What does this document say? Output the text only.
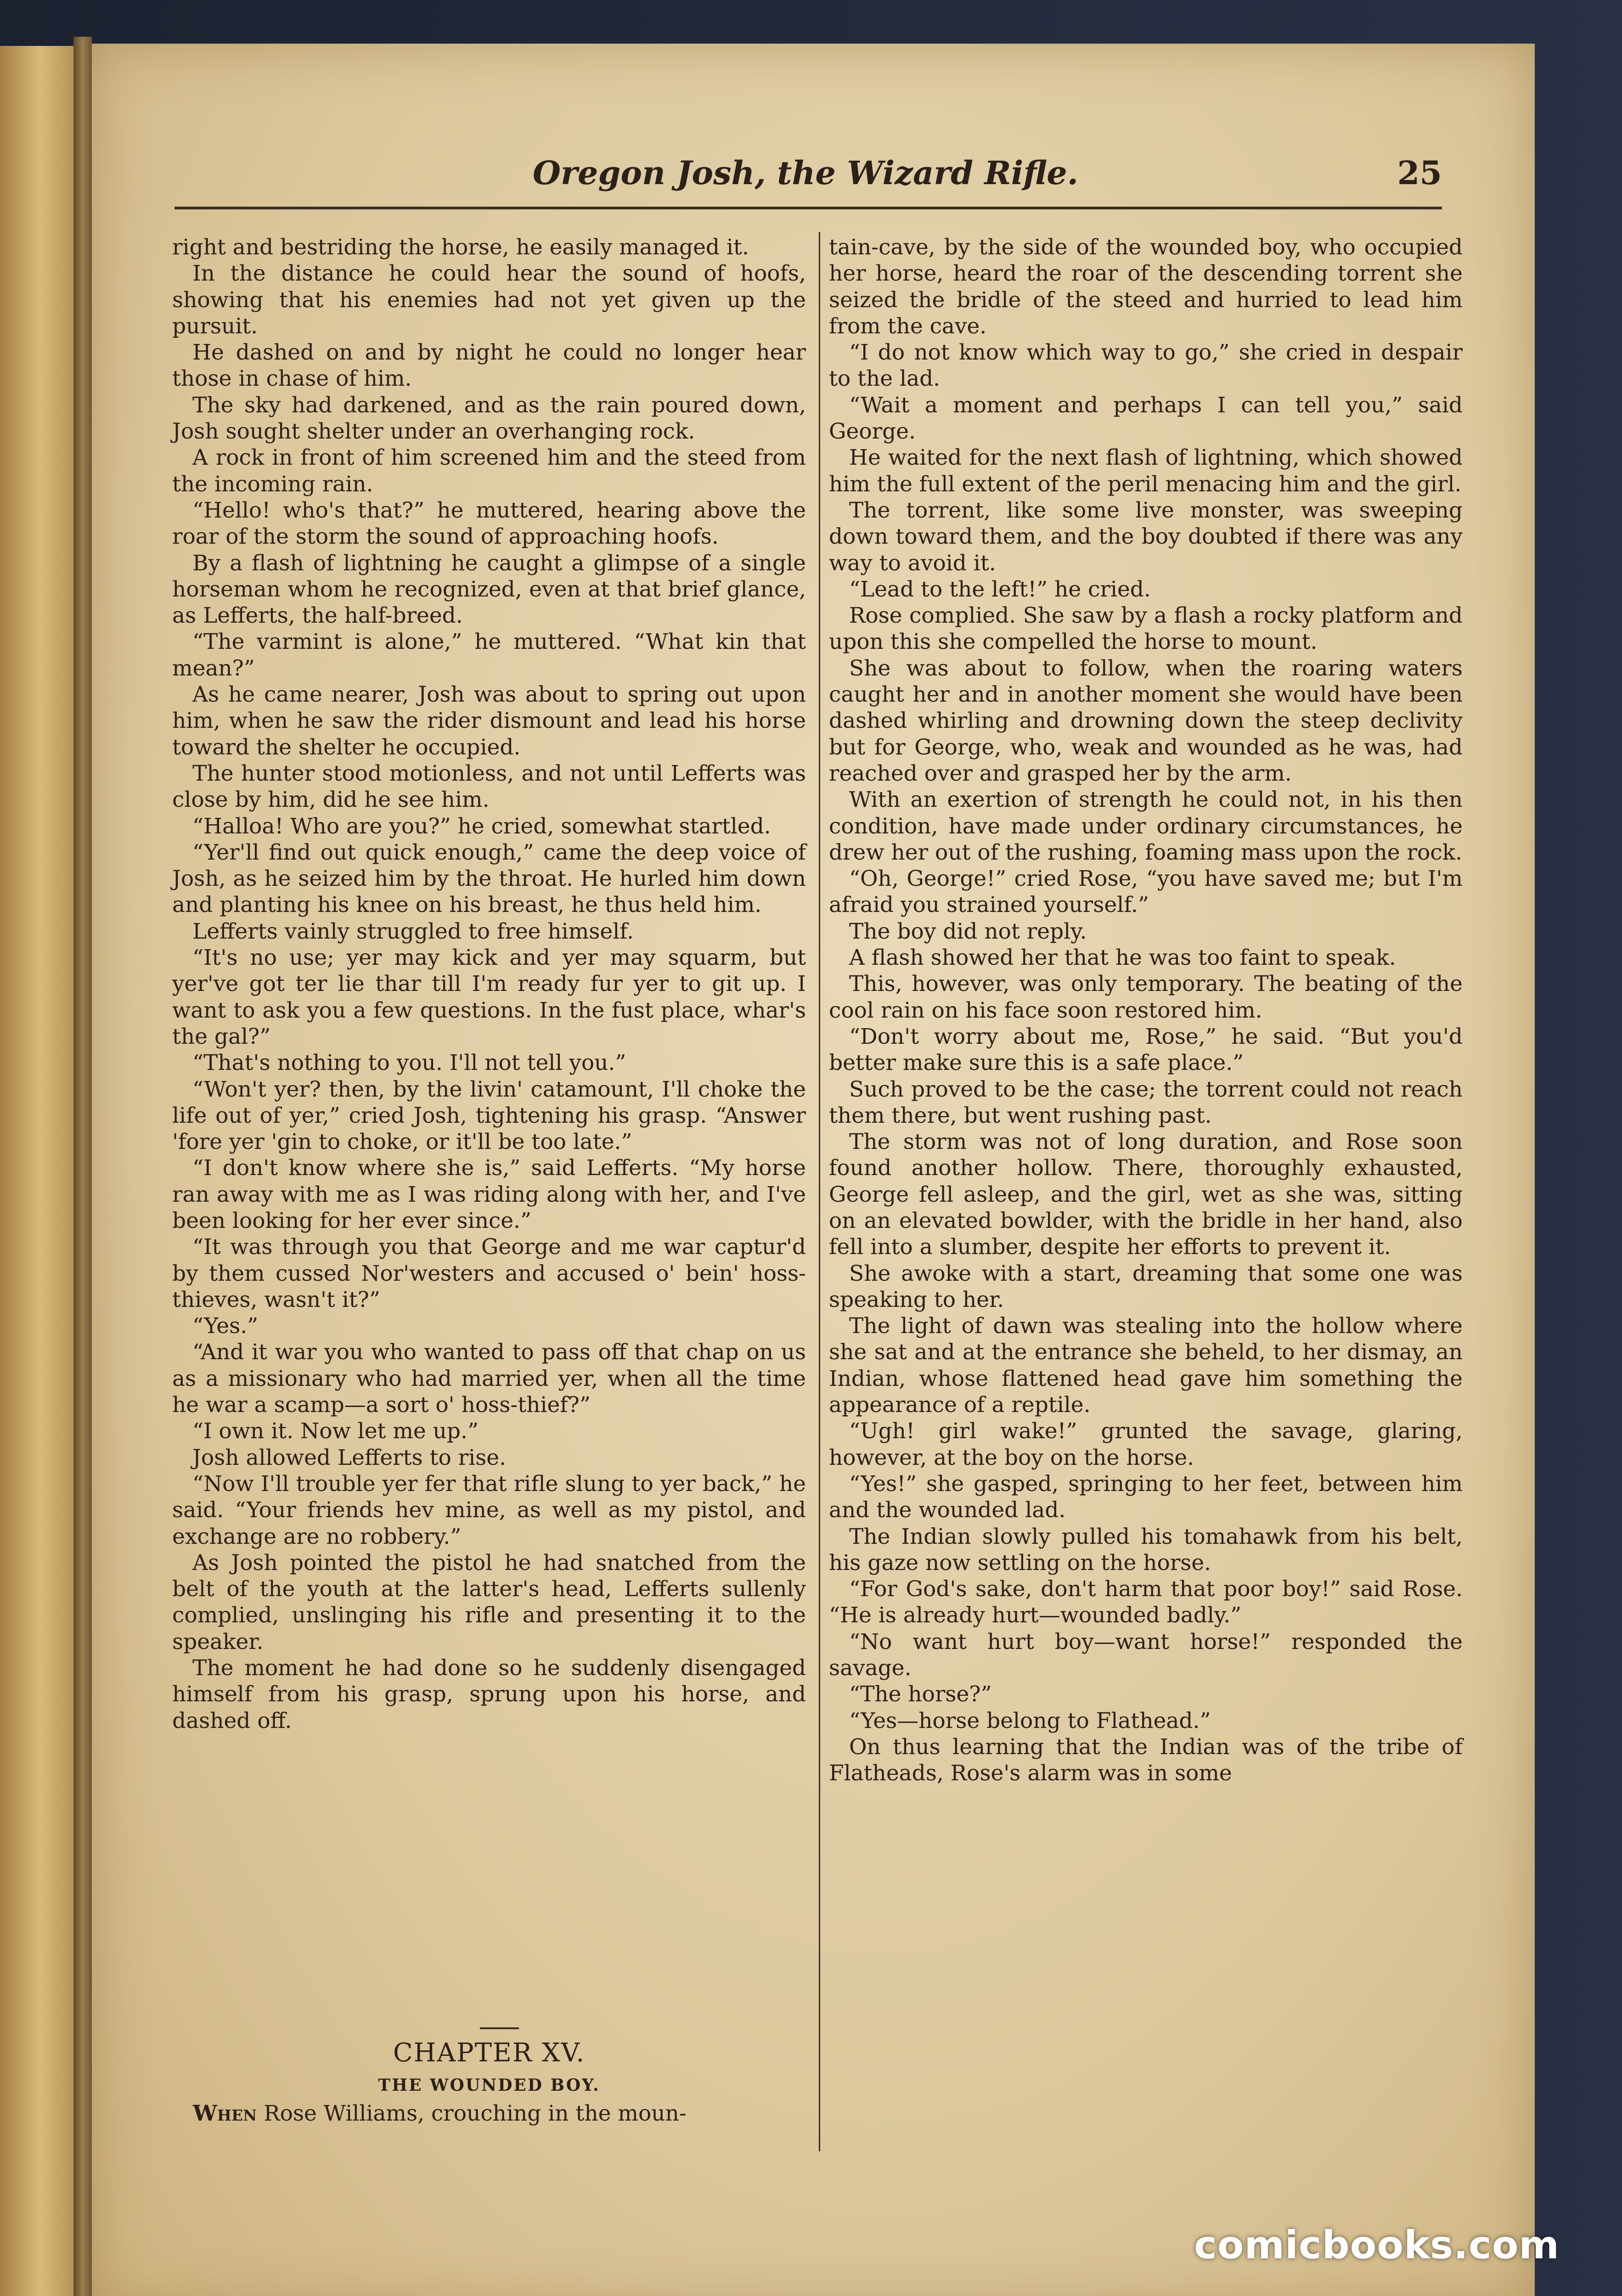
Oregon Josh, the Wizard Rifle.	25

right and bestriding the horse, he easily managed it.

In the distance he could hear the sound of hoofs, showing that his enemies had not yet given up the pursuit.

He dashed on and by night he could no longer hear those in chase of him.

The sky had darkened, and as the rain poured down, Josh sought shelter under an overhanging rock.

A rock in front of him screened him and the steed from the incoming rain.

“Hello! who's that?” he muttered, hearing above the roar of the storm the sound of approaching hoofs.

By a flash of lightning he caught a glimpse of a single horseman whom he recognized, even at that brief glance, as Lefferts, the half-breed.

“The varmint is alone,” he muttered. “What kin that mean?”

As he came nearer, Josh was about to spring out upon him, when he saw the rider dismount and lead his horse toward the shelter he occupied.

The hunter stood motionless, and not until Lefferts was close by him, did he see him.

“Halloa! Who are you?” he cried, somewhat startled.

“Yer'll find out quick enough,” came the deep voice of Josh, as he seized him by the throat. He hurled him down and planting his knee on his breast, he thus held him.

Lefferts vainly struggled to free himself.

“It's no use; yer may kick and yer may squarm, but yer've got ter lie thar till I'm ready fur yer to git up. I want to ask you a few questions. In the fust place, whar's the gal?”

“That's nothing to you. I'll not tell you.”

“Won't yer? then, by the livin' catamount, I'll choke the life out of yer,” cried Josh, tightening his grasp. “Answer 'fore yer 'gin to choke, or it'll be too late.”

“I don't know where she is,” said Lefferts. “My horse ran away with me as I was riding along with her, and I've been looking for her ever since.”

“It was through you that George and me war captur'd by them cussed Nor'westers and accused o' bein' hoss-thieves, wasn't it?”

“Yes.”

“And it war you who wanted to pass off that chap on us as a missionary who had married yer, when all the time he war a scamp—a sort o' hoss-thief?”

“I own it. Now let me up.”

Josh allowed Lefferts to rise.

“Now I'll trouble yer fer that rifle slung to yer back,” he said. “Your friends hev mine, as well as my pistol, and exchange are no robbery.”

As Josh pointed the pistol he had snatched from the belt of the youth at the latter's head, Lefferts sullenly complied, unslinging his rifle and presenting it to the speaker.

The moment he had done so he suddenly disengaged himself from his grasp, sprung upon his horse, and dashed off.

CHAPTER XV.
THE WOUNDED BOY.
When Rose Williams, crouching in the moun-

tain-cave, by the side of the wounded boy, who occupied her horse, heard the roar of the descending torrent she seized the bridle of the steed and hurried to lead him from the cave.

“I do not know which way to go,” she cried in despair to the lad.

“Wait a moment and perhaps I can tell you,” said George.

He waited for the next flash of lightning, which showed him the full extent of the peril menacing him and the girl.

The torrent, like some live monster, was sweeping down toward them, and the boy doubted if there was any way to avoid it.

“Lead to the left!” he cried.

Rose complied. She saw by a flash a rocky platform and upon this she compelled the horse to mount.

She was about to follow, when the roaring waters caught her and in another moment she would have been dashed whirling and drowning down the steep declivity but for George, who, weak and wounded as he was, had reached over and grasped her by the arm.

With an exertion of strength he could not, in his then condition, have made under ordinary circumstances, he drew her out of the rushing, foaming mass upon the rock.

“Oh, George!” cried Rose, “you have saved me; but I'm afraid you strained yourself.”

The boy did not reply.

A flash showed her that he was too faint to speak.

This, however, was only temporary. The beating of the cool rain on his face soon restored him.

“Don't worry about me, Rose,” he said. “But you'd better make sure this is a safe place.”

Such proved to be the case; the torrent could not reach them there, but went rushing past.

The storm was not of long duration, and Rose soon found another hollow. There, thoroughly exhausted, George fell asleep, and the girl, wet as she was, sitting on an elevated bowlder, with the bridle in her hand, also fell into a slumber, despite her efforts to prevent it.

She awoke with a start, dreaming that some one was speaking to her.

The light of dawn was stealing into the hollow where she sat and at the entrance she beheld, to her dismay, an Indian, whose flattened head gave him something the appearance of a reptile.

“Ugh! girl wake!” grunted the savage, glaring, however, at the boy on the horse.

“Yes!” she gasped, springing to her feet, between him and the wounded lad.

The Indian slowly pulled his tomahawk from his belt, his gaze now settling on the horse.

“For God's sake, don't harm that poor boy!” said Rose. “He is already hurt—wounded badly.”

“No want hurt boy—want horse!” responded the savage.

“The horse?”

“Yes—horse belong to Flathead.”

On thus learning that the Indian was of the tribe of Flatheads, Rose's alarm was in some

comicbooks.com
